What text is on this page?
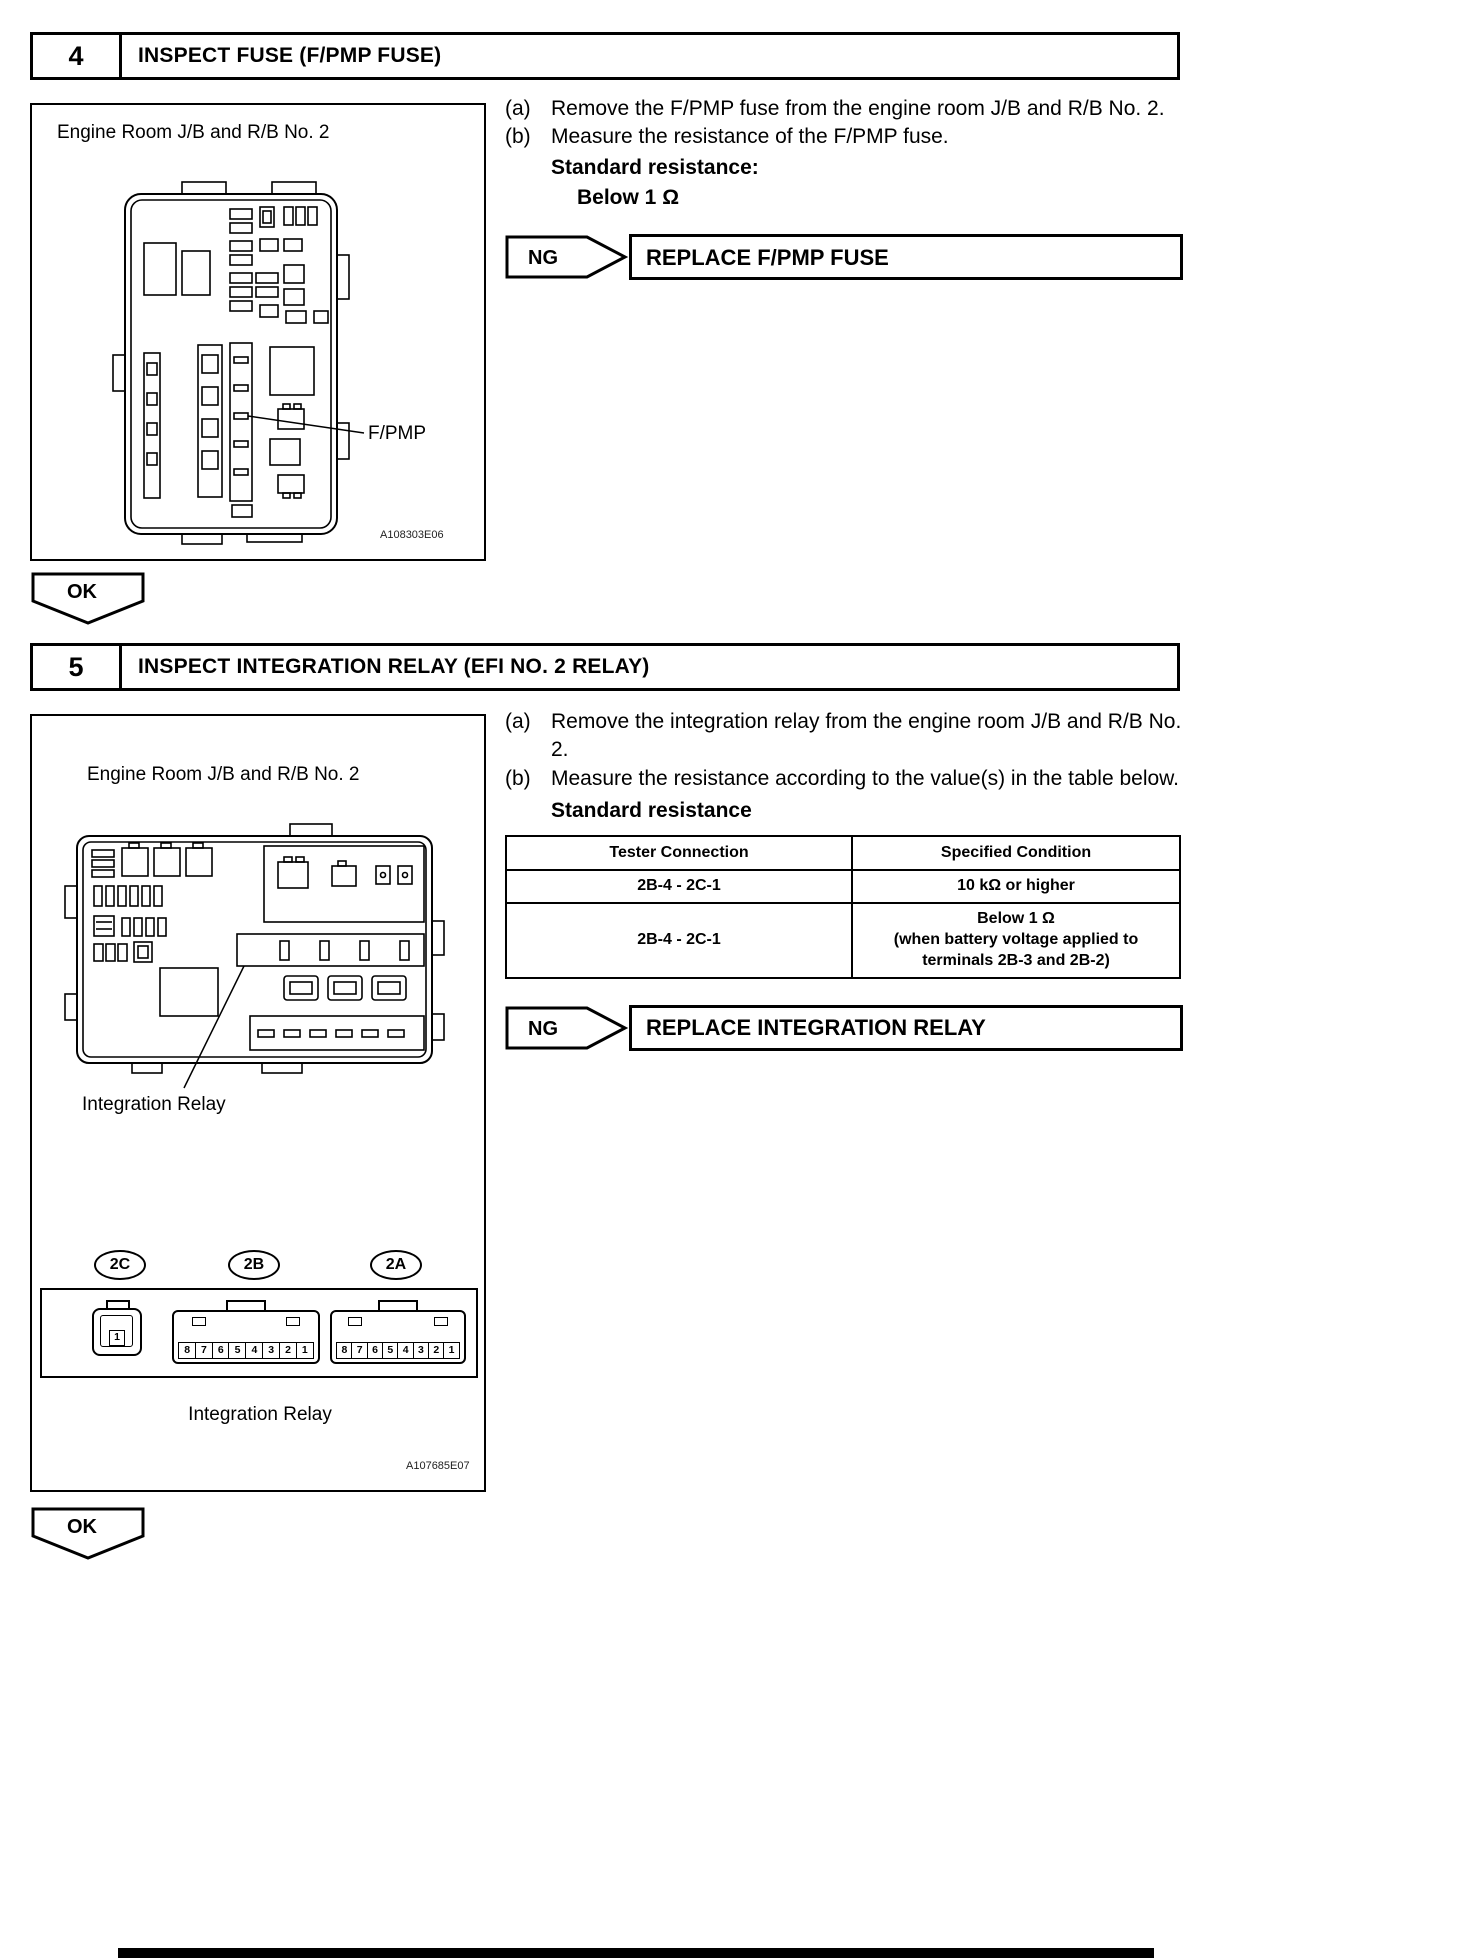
4	INSPECT FUSE (F/PMP FUSE)
Engine Room J/B and R/B No. 2
F/PMP
A108303E06
(a) Remove the F/PMP fuse from the engine room J/B and R/B No. 2.
(b) Measure the resistance of the F/PMP fuse.
Standard resistance:
Below 1 Ω
NG	REPLACE F/PMP FUSE
OK
5	INSPECT INTEGRATION RELAY (EFI NO. 2 RELAY)
Engine Room J/B and R/B No. 2
Integration Relay
2C	2B	2A
1
8	7	6	5	4	3	2	1	8 7 6 5 4 3 2 1
Integration Relay
A107685E07
(a) Remove the integration relay from the engine room J/B and R/B No. 2.
(b) Measure the resistance according to the value(s) in the table below.
Standard resistance
Tester Connection	Specified Condition
2B-4 - 2C-1	10 kΩ or higher

2B-4 - 2C-1	Below 1 Ω
(when battery voltage applied to
terminals 2B-3 and 2B-2)
NG	REPLACE INTEGRATION RELAY
OK
